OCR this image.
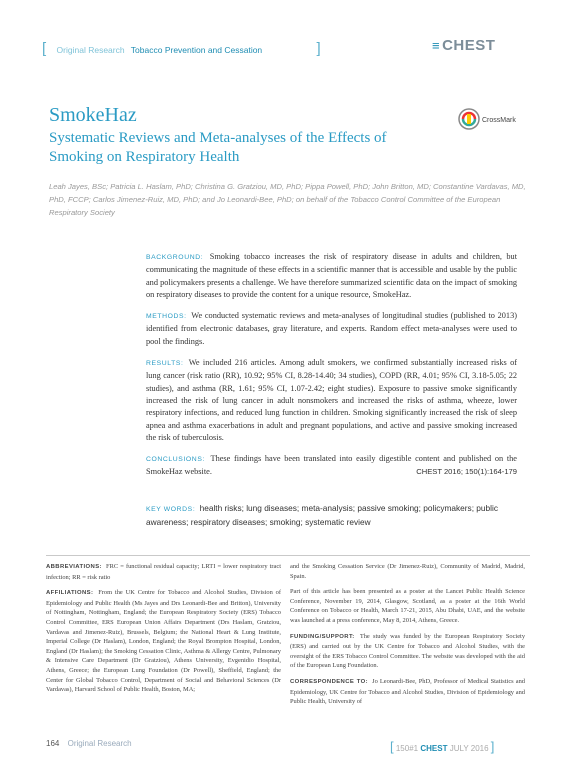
[ Original Research Tobacco Prevention and Cessation	]	≡ CHEST
SmokeHaz
Systematic Reviews and Meta-analyses of the Effects of Smoking on Respiratory Health
CrossMark
Leah Jayes, BSc; Patricia L. Haslam, PhD; Christina G. Gratziou, MD, PhD; Pippa Powell, PhD; John Britton, MD; Constantine Vardavas, MD, PhD, FCCP; Carlos Jimenez-Ruiz, MD, PhD; and Jo Leonardi-Bee, PhD; on behalf of the Tobacco Control Committee of the European Respiratory Society

BACKGROUND: Smoking tobacco increases the risk of respiratory disease in adults and children, but communicating the magnitude of these effects in a scientific manner that is accessible and usable by the public and policymakers presents a challenge. We have therefore summarized scientific data on the impact of smoking on respiratory diseases to provide the content for a unique resource, SmokeHaz.

METHODS: We conducted systematic reviews and meta-analyses of longitudinal studies (published to 2013) identified from electronic databases, gray literature, and experts. Random effect meta-analyses were used to pool the findings.

RESULTS: We included 216 articles. Among adult smokers, we confirmed substantially increased risks of lung cancer (risk ratio (RR), 10.92; 95% CI, 8.28-14.40; 34 studies), COPD (RR, 4.01; 95% CI, 3.18-5.05; 22 studies), and asthma (RR, 1.61; 95% CI, 1.07-2.42; eight studies). Exposure to passive smoke significantly increased the risk of lung cancer in adult nonsmokers and increased the risks of asthma, wheeze, lower respiratory infections, and reduced lung function in children. Smoking significantly increased the risk of sleep apnea and asthma exacerbations in adult and pregnant populations, and active and passive smoking increased the risk of tuberculosis.

CONCLUSIONS: These findings have been translated into easily digestible content and published on the SmokeHaz website.	CHEST 2016; 150(1):164-179

KEY WORDS: health risks; lung diseases; meta-analysis; passive smoking; policymakers; public awareness; respiratory diseases; smoking; systematic review

ABBREVIATIONS: FRC = functional residual capacity; LRTI = lower respiratory tract infection; RR = risk ratio

AFFILIATIONS: From the UK Centre for Tobacco and Alcohol Studies, Division of Epidemiology and Public Health (Ms Jayes and Drs Leonardi-Bee and Britton), University of Nottingham, Nottingham, England; the European Respiratory Society (ERS) Tobacco Control Committee, ERS European Union Affairs Department (Drs Haslam, Gratziou, Vardavas and Jimenez-Ruiz), Brussels, Belgium; the National Heart & Lung Institute, Imperial College (Dr Haslam), London, England; the Royal Brompton Hospital, London, England (Dr Haslam); the Smoking Cessation Clinic, Asthma & Allergy Centre, Pulmonary & Intensive Care Department (Dr Gratziou), Athens University, Evgenidio Hospital, Athens, Greece; the European Lung Foundation (Dr Powell), Sheffield, England; the Center for Global Tobacco Control, Department of Social and Behavioral Sciences (Dr Vardavas), Harvard School of Public Health, Boston, MA;

and the Smoking Cessation Service (Dr Jimenez-Ruiz), Community of Madrid, Madrid, Spain.

Part of this article has been presented as a poster at the Lancet Public Health Science Conference, November 19, 2014, Glasgow, Scotland, as a poster at the 16th World Conference on Tobacco or Health, March 17-21, 2015, Abu Dhabi, UAE, and the website was launched at a press conference, May 8, 2014, Athens, Greece.

FUNDING/SUPPORT: The study was funded by the European Respiratory Society (ERS) and carried out by the UK Centre for Tobacco and Alcohol Studies, with the oversight of the ERS Tobacco Control Committee. The website was developed with the aid of the European Lung Foundation.

CORRESPONDENCE TO: Jo Leonardi-Bee, PhD, Professor of Medical Statistics and Epidemiology, UK Centre for Tobacco and Alcohol Studies, Division of Epidemiology and Public Health, University of

164 Original Research	[ 150#1 CHEST JULY 2016 ]
